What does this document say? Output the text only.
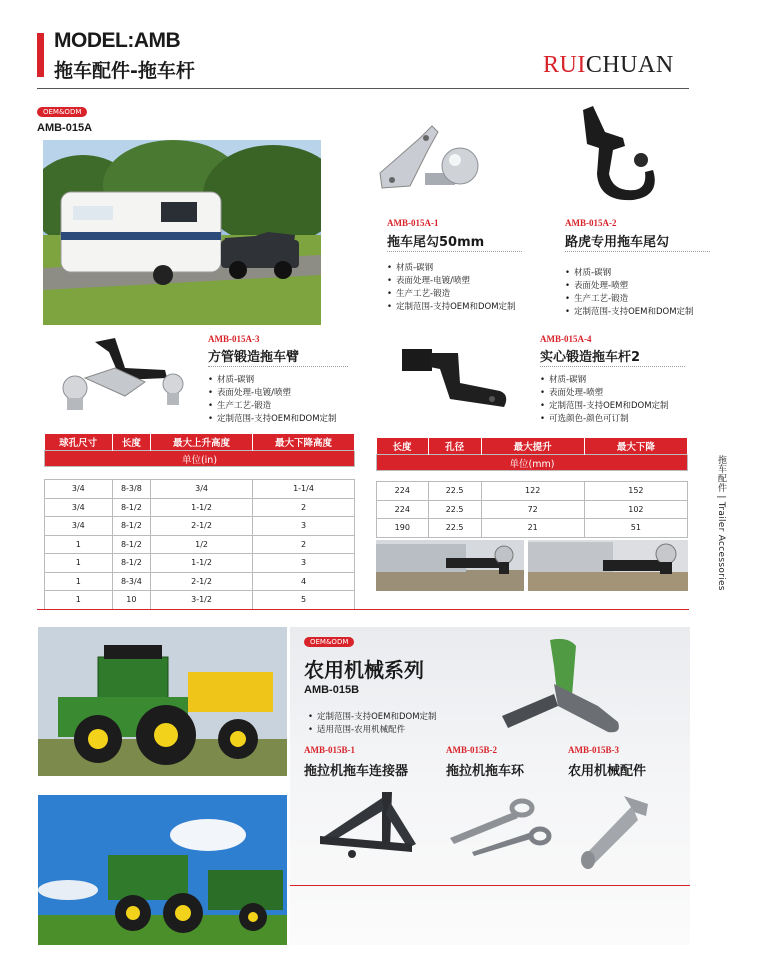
MODEL:AMB
拖车配件-拖车杆	RUICHUAN
OEM&ODM
AMB-015A
AMB-015A-1
拖车尾勾50mm
• 材质-碳钢
• 表面处理-电镀/喷塑
• 生产工艺-锻造
• 定制范围-支持OEM和DOM定制
AMB-015A-2
路虎专用拖车尾勾
• 材质-碳钢
• 表面处理-喷塑
• 生产工艺-锻造
• 定制范围-支持OEM和DOM定制
AMB-015A-3
方管锻造拖车臂
• 材质-碳钢
• 表面处理-电镀/喷塑
• 生产工艺-锻造
• 定制范围-支持OEM和DOM定制
AMB-015A-4
实心锻造拖车杆2
• 材质-碳钢
• 表面处理-喷塑
• 定制范围-支持OEM和DOM定制
• 可选颜色-颜色可订制
球孔尺寸	长度	最大上升高度	最大下降高度
单位(in)			

3/4	8-3/8	3/4	1-1/4
3/4	8-1/2	1-1/2	2
3/4	8-1/2	2-1/2	3
1	8-1/2	1/2	2
1	8-1/2	1-1/2	3
1	8-3/4	2-1/2	4
1	10	3-1/2	5
长度	孔径	最大提升	最大下降
单位(mm)			

224	22.5	122	152
224	22.5	72	102
190	22.5	21	51	拖车配件 | Trailer Accessories
OEM&ODM
农用机械系列
AMB-015B
• 定制范围-支持OEM和DOM定制
• 适用范围-农用机械配件
AMB-015B-1
拖拉机拖车连接器
AMB-015B-2
拖拉机拖车环
AMB-015B-3
农用机械配件
